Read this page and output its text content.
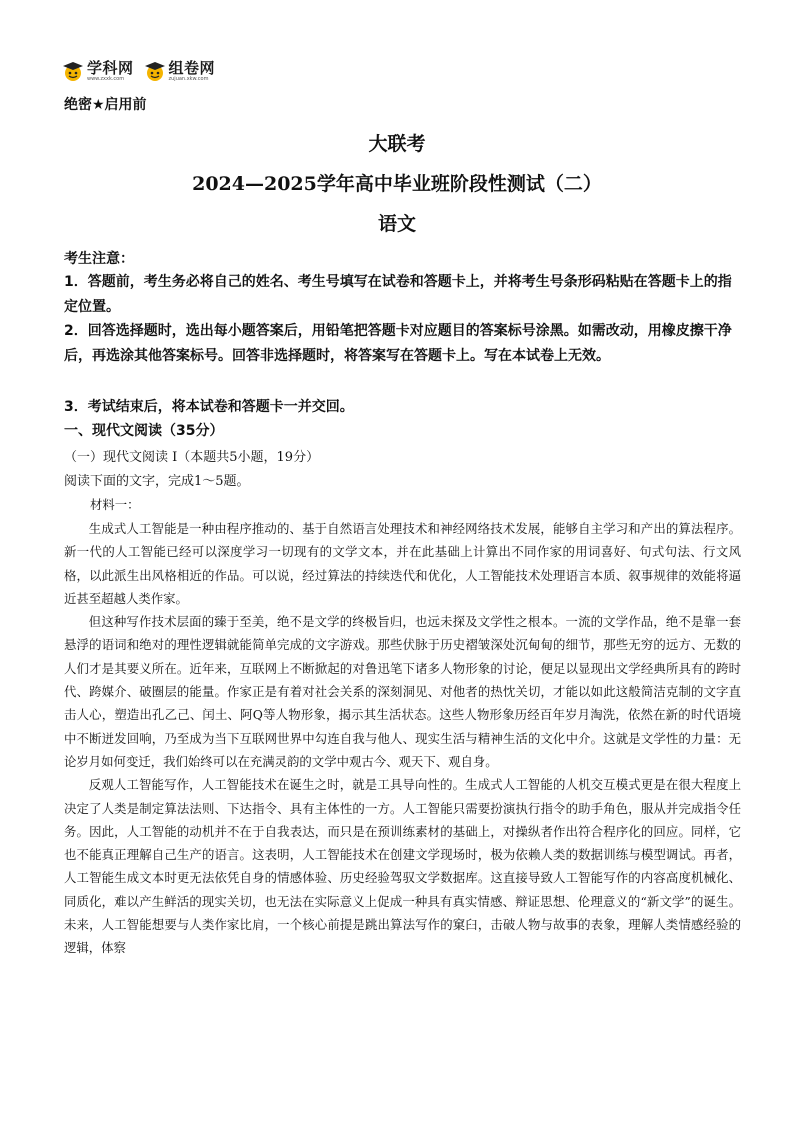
学科网
www.zxxk.com
组卷网
zujuan.xkw.com
绝密★启用前
大联考
2024—2025学年高中毕业班阶段性测试（二）
语文
考生注意：
1．答题前，考生务必将自己的姓名、考生号填写在试卷和答题卡上，并将考生号条形码粘贴在答题卡上的指定位置。
2．回答选择题时，选出每小题答案后，用铅笔把答题卡对应题目的答案标号涂黑。如需改动，用橡皮擦干净后，再选涂其他答案标号。回答非选择题时，将答案写在答题卡上。写在本试卷上无效。
3．考试结束后，将本试卷和答题卡一并交回。
一、现代文阅读（35分）
（一）现代文阅读 I（本题共5小题，19分）
阅读下面的文字，完成1～5题。
材料一：

生成式人工智能是一种由程序推动的、基于自然语言处理技术和神经网络技术发展，能够自主学习和产出的算法程序。新一代的人工智能已经可以深度学习一切现有的文学文本，并在此基础上计算出不同作家的用词喜好、句式句法、行文风格，以此派生出风格相近的作品。可以说，经过算法的持续迭代和优化，人工智能技术处理语言本质、叙事规律的效能将逼近甚至超越人类作家。

但这种写作技术层面的臻于至美，绝不是文学的终极旨归，也远未探及文学性之根本。一流的文学作品，绝不是靠一套悬浮的语词和绝对的理性逻辑就能简单完成的文字游戏。那些伏脉于历史褶皱深处沉甸甸的细节，那些无穷的远方、无数的人们才是其要义所在。近年来，互联网上不断掀起的对鲁迅笔下诸多人物形象的讨论，便足以显现出文学经典所具有的跨时代、跨媒介、破圈层的能量。作家正是有着对社会关系的深刻洞见、对他者的热忱关切，才能以如此这般简洁克制的文字直击人心，塑造出孔乙己、闰土、阿Q等人物形象，揭示其生活状态。这些人物形象历经百年岁月淘洗，依然在新的时代语境中不断迸发回响，乃至成为当下互联网世界中勾连自我与他人、现实生活与精神生活的文化中介。这就是文学性的力量：无论岁月如何变迁，我们始终可以在充满灵韵的文学中观古今、观天下、观自身。

反观人工智能写作，人工智能技术在诞生之时，就是工具导向性的。生成式人工智能的人机交互模式更是在很大程度上决定了人类是制定算法法则、下达指令、具有主体性的一方。人工智能只需要扮演执行指令的助手角色，服从并完成指令任务。因此，人工智能的动机并不在于自我表达，而只是在预训练素材的基础上，对操纵者作出符合程序化的回应。同样，它也不能真正理解自己生产的语言。这表明，人工智能技术在创建文学现场时，极为依赖人类的数据训练与模型调试。再者，人工智能生成文本时更无法依凭自身的情感体验、历史经验驾驭文学数据库。这直接导致人工智能写作的内容高度机械化、同质化，难以产生鲜活的现实关切，也无法在实际意义上促成一种具有真实情感、辩证思想、伦理意义的“新文学”的诞生。未来，人工智能想要与人类作家比肩，一个核心前提是跳出算法写作的窠臼，击破人物与故事的表象，理解人类情感经验的逻辑，体察
